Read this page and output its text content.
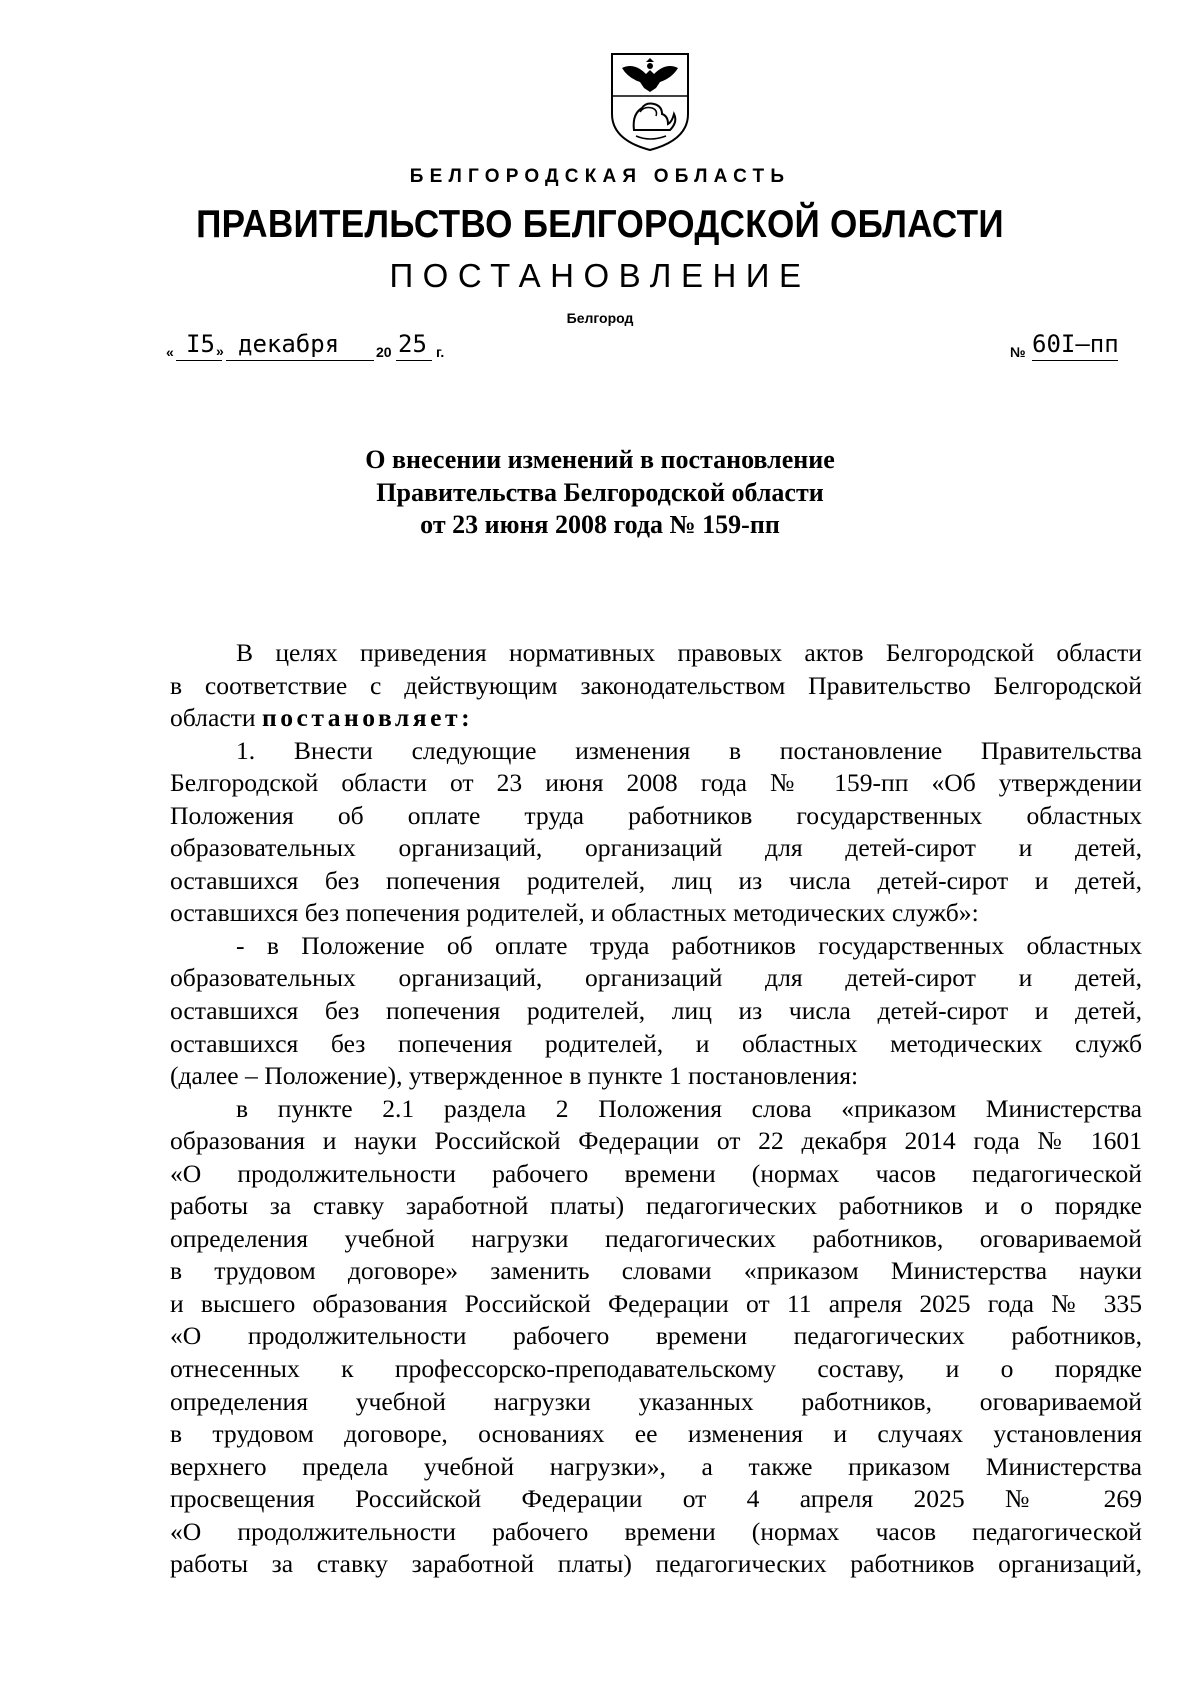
БЕЛГОРОДСКАЯ ОБЛАСТЬ
ПРАВИТЕЛЬСТВО БЕЛГОРОДСКОЙ ОБЛАСТИ
ПОСТАНОВЛЕНИЕ
Белгород
« I5 » декабря	20 25 г.	№ 60I–пп
О внесении изменений в постановление
Правительства Белгородской области
от 23 июня 2008 года № 159-пп
В целях приведения нормативных правовых актов Белгородской области
в соответствие с действующим законодательством Правительство Белгородской
области постановляет:
1. Внести следующие изменения в постановление Правительства
Белгородской области от 23 июня 2008 года № 159-пп «Об утверждении
Положения об оплате труда работников государственных областных
образовательных организаций, организаций для детей-сирот и детей,
оставшихся без попечения родителей, лиц из числа детей-сирот и детей,
оставшихся без попечения родителей, и областных методических служб»:
- в Положение об оплате труда работников государственных областных
образовательных организаций, организаций для детей-сирот и детей,
оставшихся без попечения родителей, лиц из числа детей-сирот и детей,
оставшихся без попечения родителей, и областных методических служб
(далее – Положение), утвержденное в пункте 1 постановления:
в пункте 2.1 раздела 2 Положения слова «приказом Министерства
образования и науки Российской Федерации от 22 декабря 2014 года № 1601
«О продолжительности рабочего времени (нормах часов педагогической
работы за ставку заработной платы) педагогических работников и о порядке
определения учебной нагрузки педагогических работников, оговариваемой
в трудовом договоре» заменить словами «приказом Министерства науки
и высшего образования Российской Федерации от 11 апреля 2025 года № 335
«О продолжительности рабочего времени педагогических работников,
отнесенных к профессорско-преподавательскому составу, и о порядке
определения учебной нагрузки указанных работников, оговариваемой
в трудовом договоре, основаниях ее изменения и случаях установления
верхнего предела учебной нагрузки», а также приказом Министерства
просвещения Российской Федерации от 4 апреля 2025 № 269
«О продолжительности рабочего времени (нормах часов педагогической
работы за ставку заработной платы) педагогических работников организаций,
